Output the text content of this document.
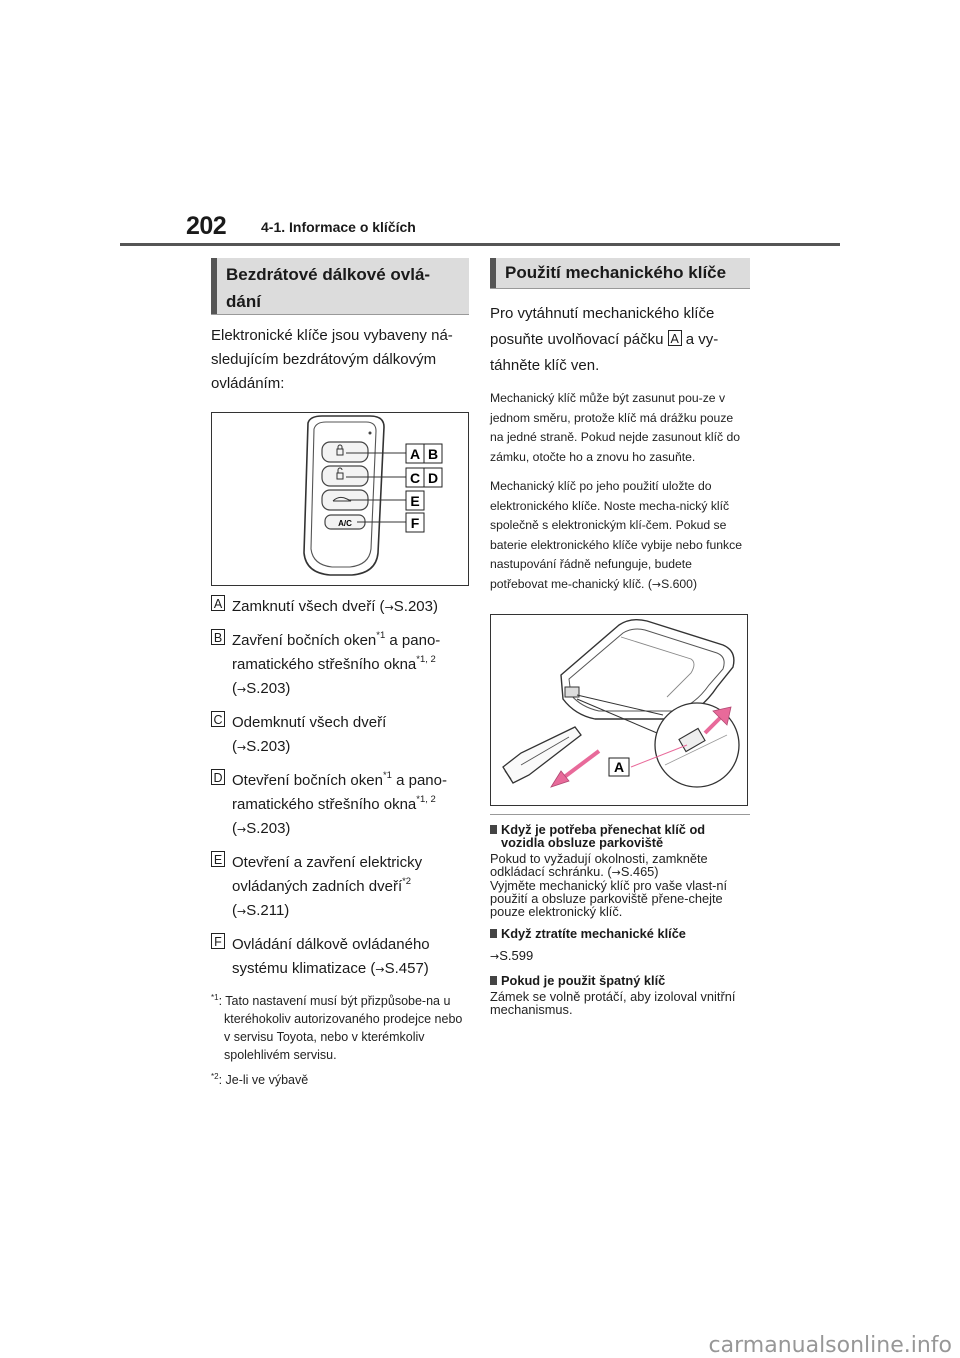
202 4-1. Informace o klíčích
Bezdrátové dálkové ovlá-dání

Elektronické klíče jsou vybaveny ná-sledujícím bezdrátovým dálkovým ovládáním:

A/C
A B
C D
E
F
A Zamknutí všech dveří (→S.203)
B Zavření bočních oken$^{*1}$ a pano-ramatického střešního okna$^{*1, 2}$
(→S.203)
C Odemknutí všech dveří
(→S.203)
D Otevření bočních oken$^{*1}$ a pano-ramatického střešního okna$^{*1, 2}$
(→S.203)
E Otevření a zavření elektricky ovládaných zadních dveří$^{*2}$
(→S.211)
F Ovládání dálkově ovládaného systému klimatizace (→S.457)
$^{*1}$: Tato nastavení musí být přizpůsobe-na u kteréhokoliv autorizovaného prodejce nebo v servisu Toyota, nebo v kterémkoliv spolehlivém servisu.
$^{*2}$: Je-li ve výbavě
Použití mechanického klíče

Pro vytáhnutí mechanického klíče posuňte uvolňovací páčku A a vy-táhněte klíč ven.

Mechanický klíč může být zasunut pou-ze v jednom směru, protože klíč má drážku pouze na jedné straně. Pokud nejde zasunout klíč do zámku, otočte ho a znovu ho zasuňte.

Mechanický klíč po jeho použití uložte do elektronického klíče. Noste mecha-nický klíč společně s elektronickým klí-čem. Pokud se baterie elektronického klíče vybije nebo funkce nastupování řádně nefunguje, budete potřebovat me-chanický klíč. (→S.600)

A
Když je potřeba přenechat klíč od vozidla obsluze parkoviště
Pokud to vyžadují okolnosti, zamkněte odkládací schránku. (→S.465)
Vyjměte mechanický klíč pro vaše vlast-ní použití a obsluze parkoviště přene-chejte pouze elektronický klíč.
Když ztratíte mechanické klíče
→S.599
Pokud je použit špatný klíč
Zámek se volně protáčí, aby izoloval vnitřní mechanismus.
carmanualsonline.info
